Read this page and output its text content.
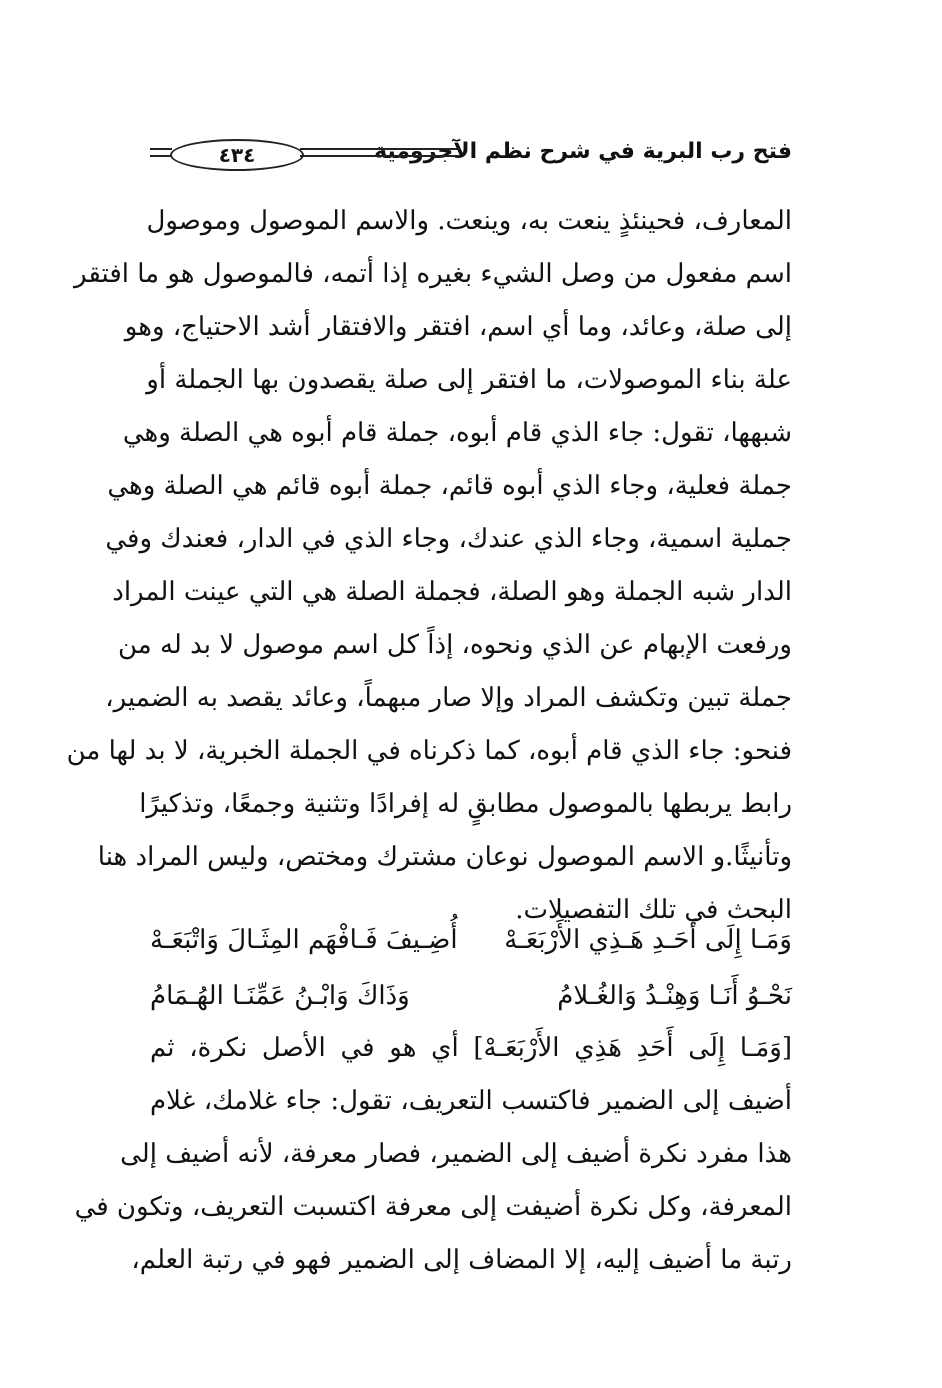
فتح رب البرية في شرح نظم الآجرومية
٤٣٤
المعارف، فحينئذٍ ينعت به، وينعت. والاسم الموصول وموصول
اسم مفعول من وصل الشيء بغيره إذا أتمه، فالموصول هو ما افتقر
إلى صلة، وعائد، وما أي اسم، افتقر والافتقار أشد الاحتياج، وهو
علة بناء الموصولات، ما افتقر إلى صلة يقصدون بها الجملة أو
شبهها، تقول: جاء الذي قام أبوه، جملة قام أبوه هي الصلة وهي
جملة فعلية، وجاء الذي أبوه قائم، جملة أبوه قائم هي الصلة وهي
جملية اسمية، وجاء الذي عندك، وجاء الذي في الدار، فعندك وفي
الدار شبه الجملة وهو الصلة، فجملة الصلة هي التي عينت المراد
ورفعت الإبهام عن الذي ونحوه، إذاً كل اسم موصول لا بد له من
جملة تبين وتكشف المراد وإلا صار مبهماً، وعائد يقصد به الضمير،
فنحو: جاء الذي قام أبوه، كما ذكرناه في الجملة الخبرية، لا بد لها من
رابط يربطها بالموصول مطابقٍ له إفرادًا وتثنية وجمعًا، وتذكيرًا
وتأنيثًا.و الاسم الموصول نوعان مشترك ومختص، وليس المراد هنا
البحث في تلك التفصيلات.
وَمَـا إِلَى أَحَـدِ هَـذِي الأَرْبَعَـهْ
أُضِـيفَ فَـافْهَم المِثَـالَ وَاتْبَعَـهْ
نَحْـوُ أَنَـا وَهِنْـدُ وَالغُـلامُ
وَذَاكَ وَابْـنُ عَمِّنَـا الهُـمَامُ
[وَمَـا إِلَى أَحَدِ هَذِي الأَرْبَعَـهْ] أي هو في الأصل نكرة، ثم
أضيف إلى الضمير فاكتسب التعريف، تقول: جاء غلامك، غلام
هذا مفرد نكرة أضيف إلى الضمير، فصار معرفة، لأنه أضيف إلى
المعرفة، وكل نكرة أضيفت إلى معرفة اكتسبت التعريف، وتكون في
رتبة ما أضيف إليه، إلا المضاف إلى الضمير فهو في رتبة العلم،
